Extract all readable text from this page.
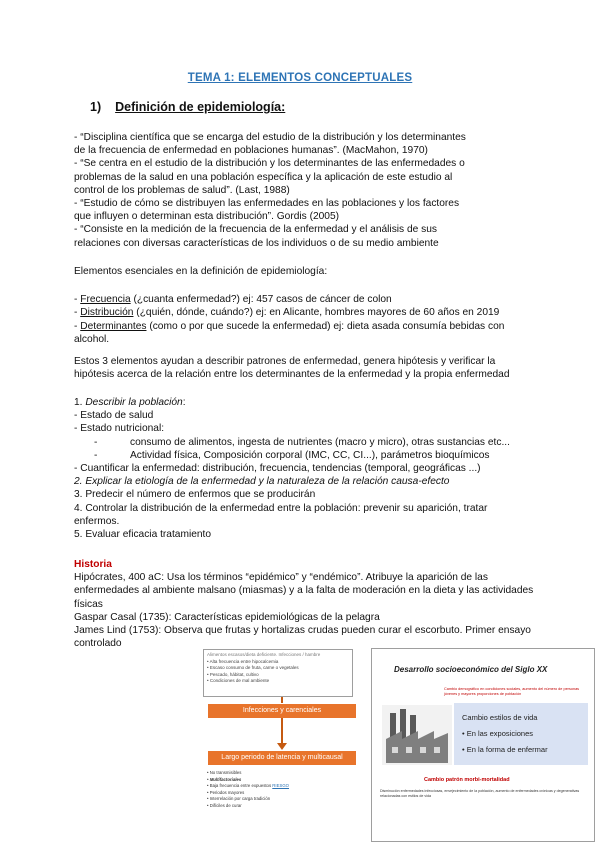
TEMA 1: ELEMENTOS CONCEPTUALES
1) Definición de epidemiología:

- “Disciplina científica que se encarga del estudio de la distribución y los determinantes

de la frecuencia de enfermedad en poblaciones humanas”. (MacMahon, 1970)

- “Se centra en el estudio de la distribución y los determinantes de las enfermedades o

problemas de la salud en una población específica y la aplicación de este estudio al

control de los problemas de salud”. (Last, 1988)

- “Estudio de cómo se distribuyen las enfermedades en las poblaciones y los factores

que influyen o determinan esta distribución”. Gordis (2005)

- “Consiste en la medición de la frecuencia de la enfermedad y el análisis de sus

relaciones con diversas características de los individuos o de su medio ambiente

Elementos esenciales en la definición de epidemiología:

- Frecuencia (¿cuanta enfermedad?) ej: 457 casos de cáncer de colon

- Distribución (¿quién, dónde, cuándo?) ej: en Alicante, hombres mayores de 60 años en 2019

- Determinantes (como o por que sucede la enfermedad) ej: dieta asada consumía bebidas con

alcohol.

Estos 3 elementos ayudan a describir patrones de enfermedad, genera hipótesis y verificar la

hipótesis acerca de la relación entre los determinantes de la enfermedad y la propia enfermedad

1. Describir la población:

- Estado de salud

- Estado nutricional:

-	consumo de alimentos, ingesta de nutrientes (macro y micro), otras sustancias etc...

-	Actividad física, Composición corporal (IMC, CC, CI...), parámetros bioquímicos

- Cuantificar la enfermedad: distribución, frecuencia, tendencias (temporal, geográficas ...)

2. Explicar la etiología de la enfermedad y la naturaleza de la relación causa-efecto

3. Predecir el número de enfermos que se producirán

4. Controlar la distribución de la enfermedad entre la población: prevenir su aparición, tratar

enfermos.

5. Evaluar eficacia tratamiento

Historia

Hipócrates, 400 aC: Usa los términos “epidémico” y “endémico”. Atribuye la aparición de las

enfermedades al ambiente malsano (miasmas) y a la falta de moderación en la dieta y las actividades

físicas

Gaspar Casal (1735): Características epidemiológicas de la pelagra

James Lind (1753): Observa que frutas y hortalizas crudas pueden curar el escorbuto. Primer ensayo

controlado

Alimentos escasos/dieta deficiente. Infecciones / hambre
• Alta frecuencia entre hipocalcemia
• Escaso consumo de fruta, carne o vegetales
• Pescado, hábitat, cultivo
• Condiciones de mal ambiente
Infecciones y carenciales
Largo periodo de latencia y multicausal
• No transmisibles
• Multifactoriales
• Baja frecuencia entre expuestos RIESGO
• Periodos mayores
• Interrelación por carga tradición
• Difíciles de curar
Desarrollo socioeconómico del Siglo XX
Cambio demográfico en condiciones sociales, aumento del número de personas jóvenes y mayores proporciones de población
Cambio estilos de vida
• En las exposiciones
• En la forma de enfermar
Cambio patrón morbi-mortalidad
Disminución enfermedades infecciosas, envejecimiento de la población, aumento de enfermedades crónicas y degenerativas relacionadas con estilos de vida
